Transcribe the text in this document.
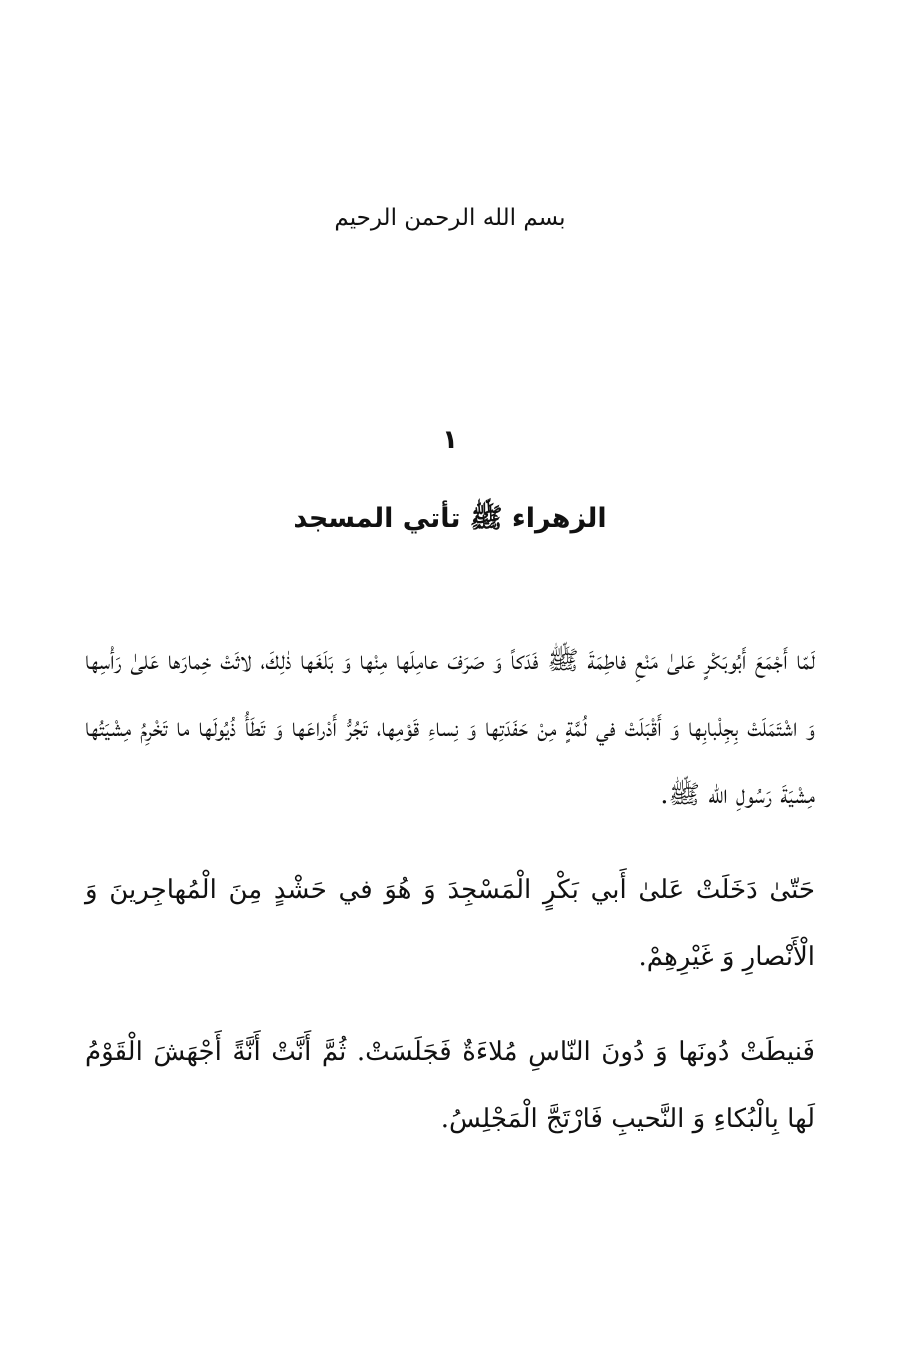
بسم الله الرحمن الرحيم
١
الزهراء ﷺ تأتي المسجد

لَمّا أَجْمَعَ أَبُوبَكْرٍ عَلىٰ مَنْعِ فاطِمَةَ ﷺ فَدَكاً وَ صَرَفَ عامِلَها مِنْها وَ بَلَغَها ذٰلِكَ، لاثَتْ خِمارَها عَلىٰ رَأْسِها وَ اشْتَمَلَتْ بِجِلْبابِها وَ أَقْبَلَتْ في لُمَّةٍ مِنْ حَفَدَتِها وَ نِساءِ قَوْمِها، تَجُرُّ أَدْراعَها وَ تَطَأُ ذُيُولَها ما تَخْرِمُ مِشْيَتُها مِشْيَةَ رَسُولِ الله ﷺ.

حَتّىٰ دَخَلَتْ عَلىٰ أَبي بَكْرٍ الْمَسْجِدَ وَ هُوَ في حَشْدٍ مِنَ الْمُهاجِرينَ وَ الْأَنْصارِ وَ غَيْرِهِمْ.

فَنيطَتْ دُونَها وَ دُونَ النّاسِ مُلاءَةٌ فَجَلَسَتْ. ثُمَّ أَنَّتْ أَنَّةً أَجْهَشَ الْقَوْمُ لَها بِالْبُكاءِ وَ النَّحيبِ فَارْتَجَّ الْمَجْلِسُ.
